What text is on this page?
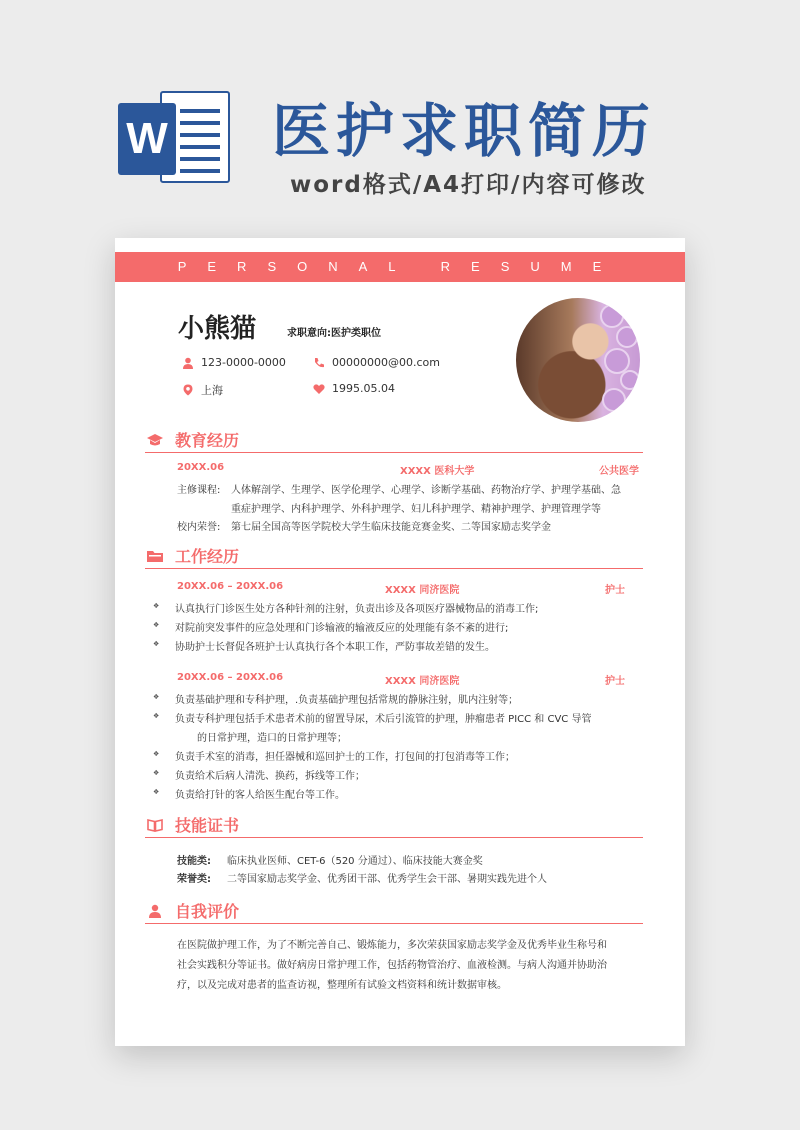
W 医护求职简历
word格式/A4打印/内容可修改
PERSONAL RESUME
小熊猫	求职意向:医护类职位
123-0000-0000	00000000@00.com
上海	1995.05.04
教育经历
20XX.06	XXXX 医科大学	公共医学
主修课程: 人体解剖学、生理学、医学伦理学、心理学、诊断学基础、药物治疗学、护理学基础、急
重症护理学、内科护理学、外科护理学、妇儿科护理学、精神护理学、护理管理学等
校内荣誉: 第七届全国高等医学院校大学生临床技能竞赛金奖、二等国家励志奖学金
工作经历
20XX.06 – 20XX.06	XXXX 同济医院	护士
❖ 认真执行门诊医生处方各种针剂的注射，负责出诊及各项医疗器械物品的消毒工作;
❖ 对院前突发事件的应急处理和门诊输液的输液反应的处理能有条不紊的进行;
❖ 协助护士长督促各班护士认真执行各个本职工作，严防事故差错的发生。
20XX.06 – 20XX.06	XXXX 同济医院	护士
❖ 负责基础护理和专科护理，.负责基础护理包括常规的静脉注射，肌内注射等；
❖ 负责专科护理包括手术患者术前的留置导尿，术后引流管的护理，肿瘤患者 PICC 和 CVC 导管
的日常护理，造口的日常护理等；
❖ 负责手术室的消毒，担任器械和巡回护士的工作，打包间的打包消毒等工作；
❖ 负责给术后病人清洗、换药，拆线等工作；
❖ 负责给打针的客人给医生配台等工作。
技能证书
技能类: 临床执业医师、CET-6（520 分通过）、临床技能大赛金奖
荣誉类: 二等国家励志奖学金、优秀团干部、优秀学生会干部、暑期实践先进个人
自我评价
在医院做护理工作，为了不断完善自己、锻炼能力，多次荣获国家励志奖学金及优秀毕业生称号和
社会实践积分等证书。做好病房日常护理工作，包括药物管治疗、血液检测。与病人沟通并协助治
疗，以及完成对患者的监查访视，整理所有试验文档资料和统计数据审核。
